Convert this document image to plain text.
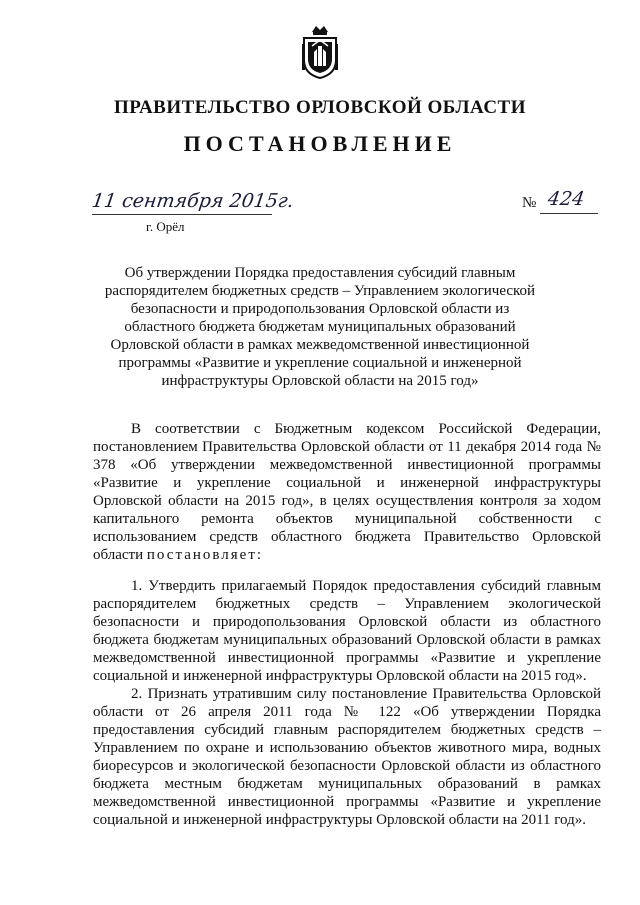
ПРАВИТЕЛЬСТВО ОРЛОВСКОЙ ОБЛАСТИ
ПОСТАНОВЛЕНИЕ
11 сентября 2015г.
г. Орёл
№ 424
Об утверждении Порядка предоставления субсидий главным распорядителем бюджетных средств – Управлением экологической безопасности и природопользования Орловской области из областного бюджета бюджетам муниципальных образований Орловской области в рамках межведомственной инвестиционной программы «Развитие и укрепление социальной и инженерной инфраструктуры Орловской области на 2015 год»

В соответствии с Бюджетным кодексом Российской Федерации, постановлением Правительства Орловской области от 11 декабря 2014 года № 378 «Об утверждении межведомственной инвестиционной программы «Развитие и укрепление социальной и инженерной инфраструктуры Орловской области на 2015 год», в целях осуществления контроля за ходом капитального ремонта объектов муниципальной собственности с использованием средств областного бюджета Правительство Орловской области постановляет:

1. Утвердить прилагаемый Порядок предоставления субсидий главным распорядителем бюджетных средств – Управлением экологической безопасности и природопользования Орловской области из областного бюджета бюджетам муниципальных образований Орловской области в рамках межведомственной инвестиционной программы «Развитие и укрепление социальной и инженерной инфраструктуры Орловской области на 2015 год».

2. Признать утратившим силу постановление Правительства Орловской области от 26 апреля 2011 года № 122 «Об утверждении Порядка предоставления субсидий главным распорядителем бюджетных средств – Управлением по охране и использованию объектов животного мира, водных биоресурсов и экологической безопасности Орловской области из областного бюджета местным бюджетам муниципальных образований в рамках межведомственной инвестиционной программы «Развитие и укрепление социальной и инженерной инфраструктуры Орловской области на 2011 год».
